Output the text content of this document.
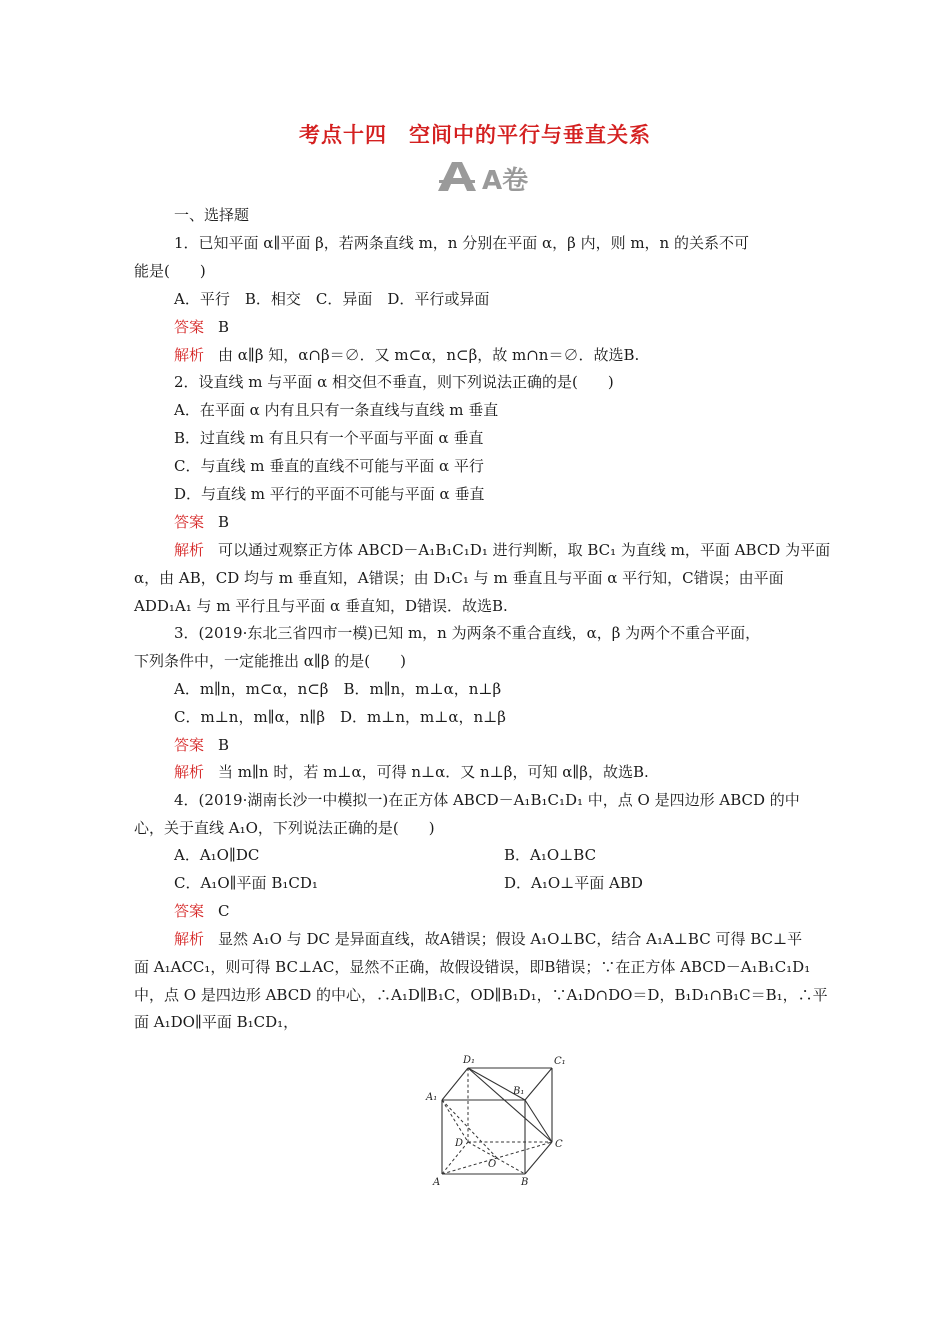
考点十四　空间中的平行与垂直关系
A卷
一、选择题
1．已知平面 α∥平面 β，若两条直线 m，n 分别在平面 α，β 内，则 m，n 的关系不可
能是(　　)
A．平行　B．相交　C．异面　D．平行或异面
答案 B
解析 由 α∥β 知，α∩β＝∅．又 m⊂α，n⊂β，故 m∩n＝∅．故选B.
2．设直线 m 与平面 α 相交但不垂直，则下列说法正确的是(　　)
A．在平面 α 内有且只有一条直线与直线 m 垂直
B．过直线 m 有且只有一个平面与平面 α 垂直
C．与直线 m 垂直的直线不可能与平面 α 平行
D．与直线 m 平行的平面不可能与平面 α 垂直
答案 B
解析 可以通过观察正方体 ABCD－A₁B₁C₁D₁ 进行判断，取 BC₁ 为直线 m，平面 ABCD 为平面
α，由 AB，CD 均与 m 垂直知，A错误；由 D₁C₁ 与 m 垂直且与平面 α 平行知，C错误；由平面
ADD₁A₁ 与 m 平行且与平面 α 垂直知，D错误．故选B.
3．(2019·东北三省四市一模)已知 m，n 为两条不重合直线，α，β 为两个不重合平面，
下列条件中，一定能推出 α∥β 的是(　　)
A．m∥n，m⊂α，n⊂β　B．m∥n，m⊥α，n⊥β
C．m⊥n，m∥α，n∥β　D．m⊥n，m⊥α，n⊥β
答案 B
解析 当 m∥n 时，若 m⊥α，可得 n⊥α．又 n⊥β，可知 α∥β，故选B.
4．(2019·湖南长沙一中模拟一)在正方体 ABCD－A₁B₁C₁D₁ 中，点 O 是四边形 ABCD 的中
心，关于直线 A₁O，下列说法正确的是(　　)
A．A₁O∥DC	B．A₁O⊥BC
C．A₁O∥平面 B₁CD₁	D．A₁O⊥平面 ABD
答案 C
解析 显然 A₁O 与 DC 是异面直线，故A错误；假设 A₁O⊥BC，结合 A₁A⊥BC 可得 BC⊥平
面 A₁ACC₁，则可得 BC⊥AC，显然不正确，故假设错误，即B错误；∵在正方体 ABCD－A₁B₁C₁D₁
中，点 O 是四边形 ABCD 的中心，∴A₁D∥B₁C，OD∥B₁D₁，∵A₁D∩DO＝D，B₁D₁∩B₁C＝B₁，∴平
面 A₁DO∥平面 B₁CD₁，
D₁	C₁
B₁
A₁
D	C
O
A	B
